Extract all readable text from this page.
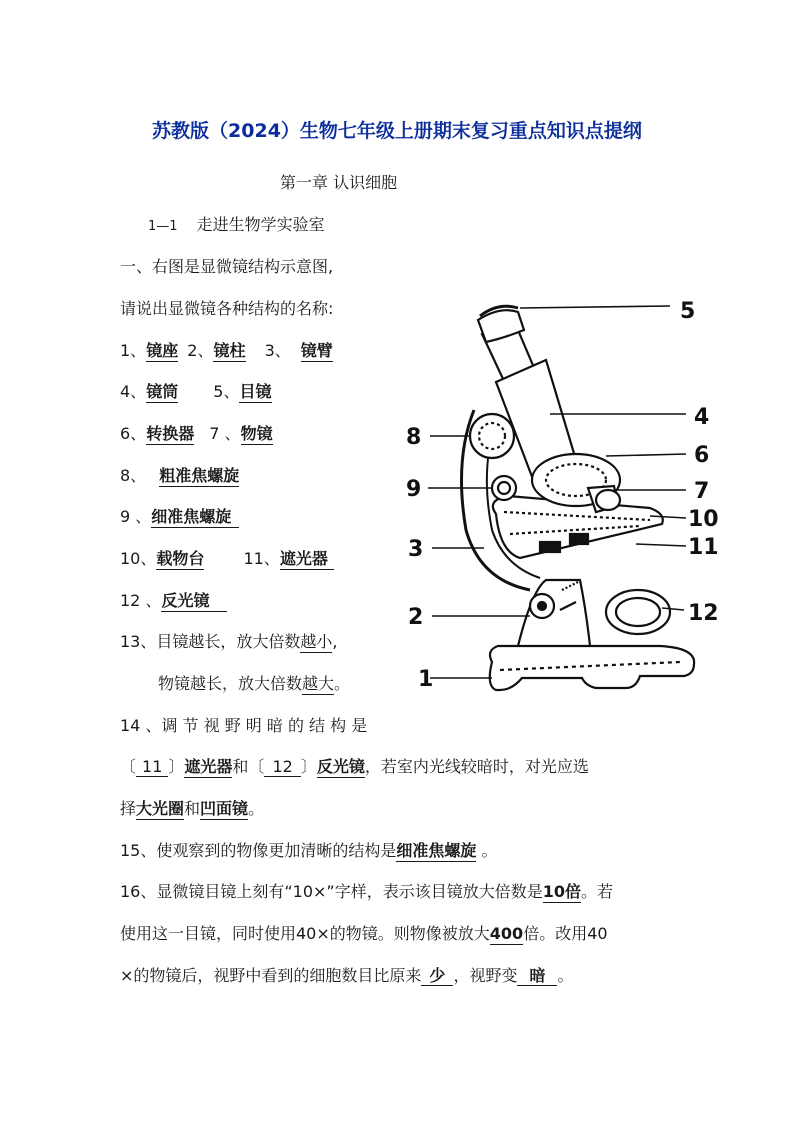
苏教版（2024）生物七年级上册期末复习重点知识点提纲
第一章 认识细胞
1—1 走进生物学实验室
一、右图是显微镜结构示意图,
请说出显微镜各种结构的名称:
1、镜座 2、镜柱 3、 镜臂
4、镜筒 5、目镜
6、转换器 7 、物镜
8、 粗准焦螺旋
9 、细准焦螺旋
10、载物台 11、遮光器
12 、反光镜
13、目镜越长，放大倍数越小,
物镜越长，放大倍数越大。
14 、调 节 视 野 明 暗 的 结 构 是
〔 11 〕遮光器和〔 12 〕反光镜，若室内光线较暗时，对光应选
择大光圈和凹面镜。
15、使观察到的物像更加清晰的结构是细准焦螺旋 。
16、显微镜目镜上刻有“10×”字样，表示该目镜放大倍数是10倍。若
使用这一目镜，同时使用40×的物镜。则物像被放大400倍。改用40
×的物镜后，视野中看到的细胞数目比原来 少 ，视野变 暗 。
1
2
3
4
5
6
7
8
9
10
11
12
